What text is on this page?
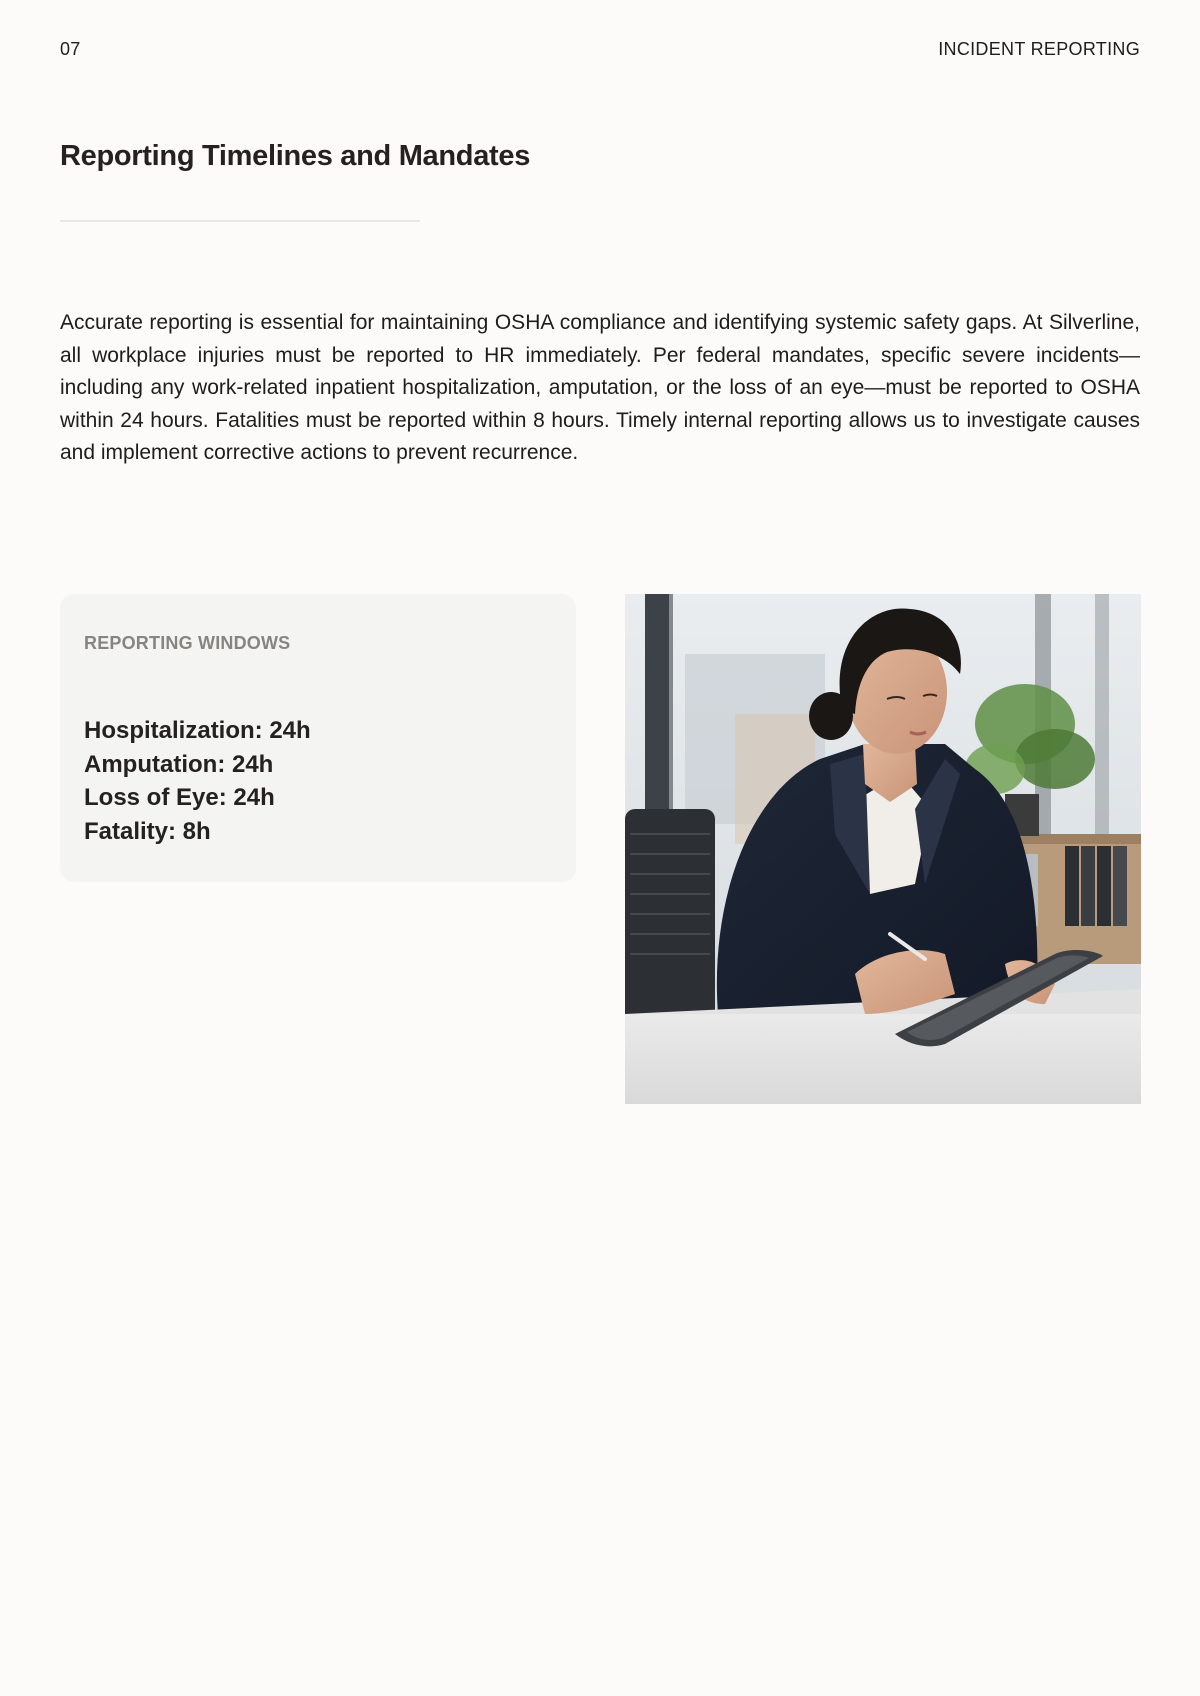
07	INCIDENT REPORTING
Reporting Timelines and Mandates

Accurate reporting is essential for maintaining OSHA compliance and identifying systemic safety gaps. At Silverline, all workplace injuries must be reported to HR immediately. Per federal mandates, specific severe incidents—including any work-related inpatient hospitalization, amputation, or the loss of an eye—must be reported to OSHA within 24 hours. Fatalities must be reported within 8 hours. Timely internal reporting allows us to investigate causes and implement corrective actions to prevent recurrence.

REPORTING WINDOWS
Hospitalization: 24h
Amputation: 24h
Loss of Eye: 24h
Fatality: 8h
